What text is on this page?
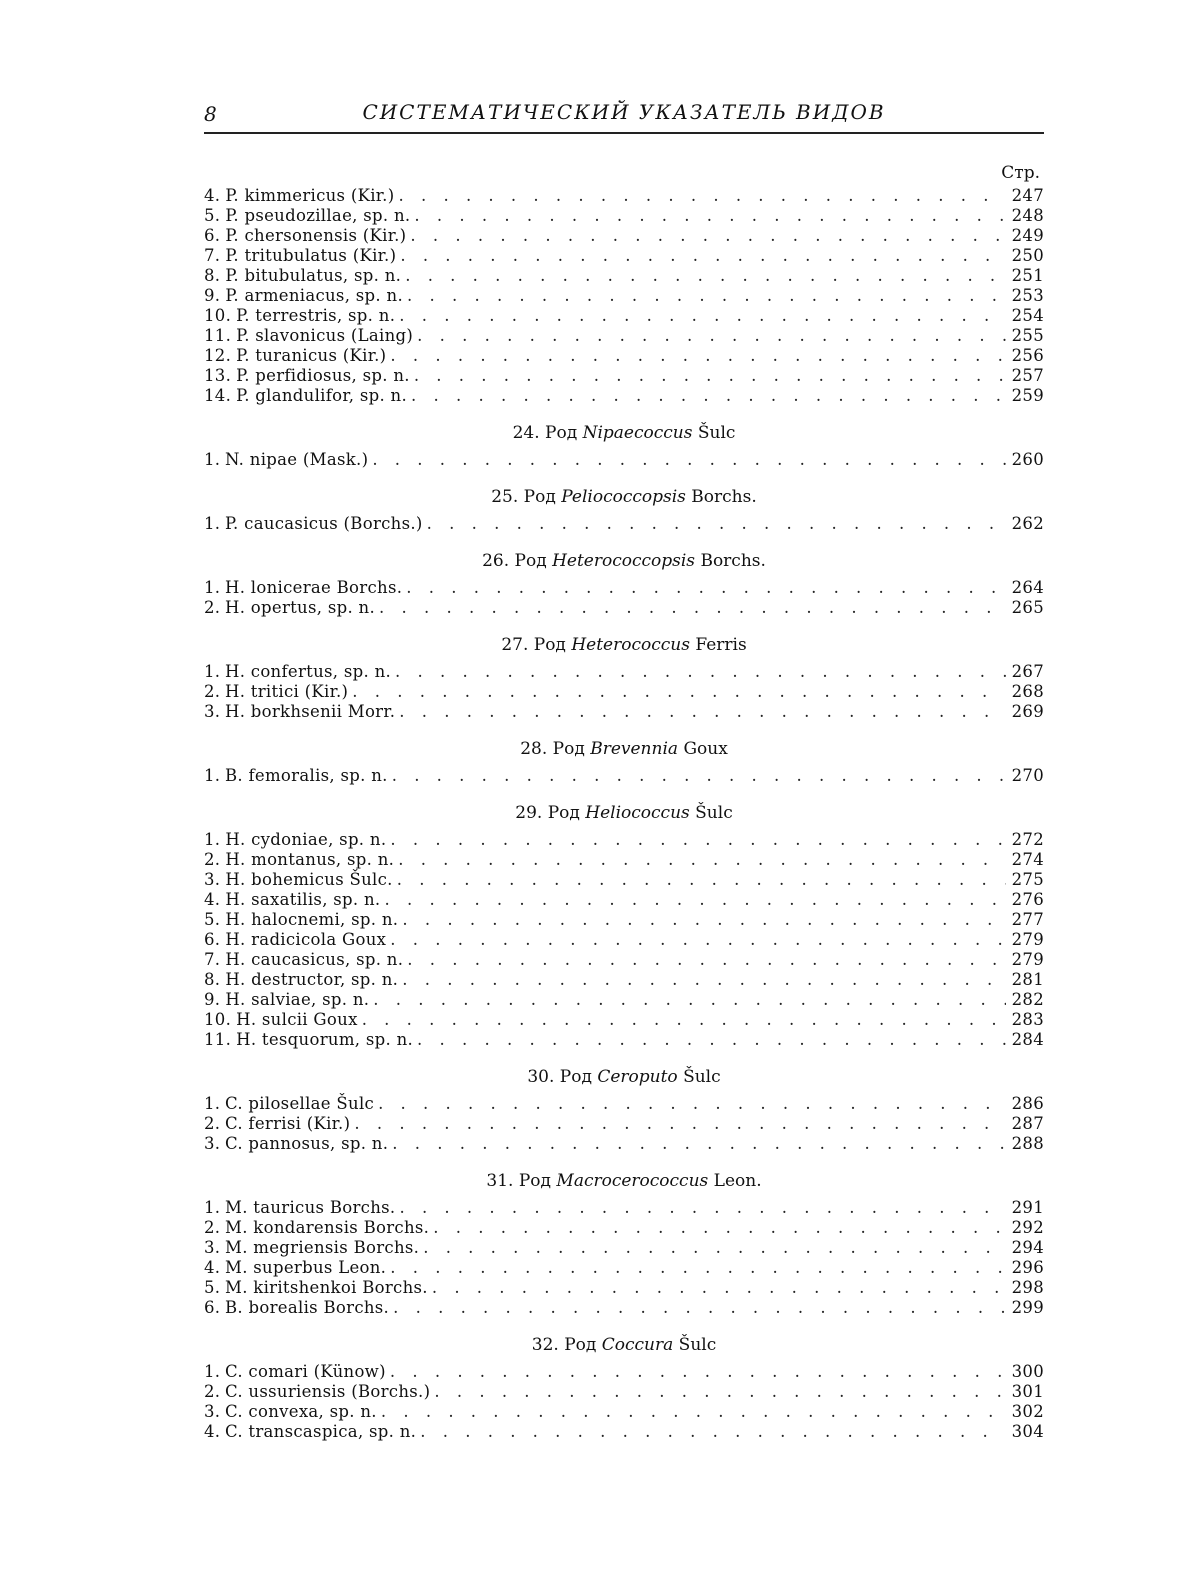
8	СИСТЕМАТИЧЕСКИЙ УКАЗАТЕЛЬ ВИДОВ
Стр.
4. P. kimmericus (Kir.) . . .	247
5. P. pseudozillae, sp. n. . . .	248
6. P. chersonensis (Kir.) . . .	249
7. P. tritubulatus (Kir.) . . .	250
8. P. bitubulatus, sp. n. . . .	251
9. P. armeniacus, sp. n. . . .	253
10. P. terrestris, sp. n. . . .	254
11. P. slavonicus (Laing) . . .	255
12. P. turanicus (Kir.) . . .	256
13. P. perfidiosus, sp. n. . . .	257
14. P. glandulifor, sp. n. . . .	259
24. Род Nipaecoccus Šulc
1. N. nipae (Mask.) . . .	260
25. Род Peliococcopsis Borchs.
1. P. caucasicus (Borchs.) . . .	262
26. Род Heterococcopsis Borchs.
1. H. lonicerae Borchs. . . .	264
2. H. opertus, sp. n. . . .	265
27. Род Heterococcus Ferris
1. H. confertus, sp. n. . . .	267
2. H. tritici (Kir.) . . .	268
3. H. borkhsenii Morr. . . .	269
28. Род Brevennia Goux
1. B. femoralis, sp. n. . . .	270
29. Род Heliococcus Šulc
1. H. cydoniae, sp. n. . . .	272
2. H. montanus, sp. n. . . .	274
3. H. bohemicus Šulc. . . .	275
4. H. saxatilis, sp. n. . . .	276
5. H. halocnemi, sp. n. . . .	277
6. H. radicicola Goux . . .	279
7. H. caucasicus, sp. n. . . .	279
8. H. destructor, sp. n. . . .	281
9. H. salviae, sp. n. . . .	282
10. H. sulcii Goux . . .	283
11. H. tesquorum, sp. n. . . .	284
30. Род Ceroputo Šulc
1. C. pilosellae Šulc . . .	286
2. C. ferrisi (Kir.) . . .	287
3. C. pannosus, sp. n. . . .	288
31. Род Macrocerococcus Leon.
1. M. tauricus Borchs. . . .	291
2. M. kondarensis Borchs. . . .	292
3. M. megriensis Borchs. . . .	294
4. M. superbus Leon. . . .	296
5. M. kiritshenkoi Borchs. . . .	298
6. B. borealis Borchs. . . .	299
32. Род Coccura Šulc
1. C. comari (Künow) . . .	300
2. C. ussuriensis (Borchs.) . . .	301
3. C. convexa, sp. n. . . .	302
4. C. transcaspica, sp. n. . . .	304
